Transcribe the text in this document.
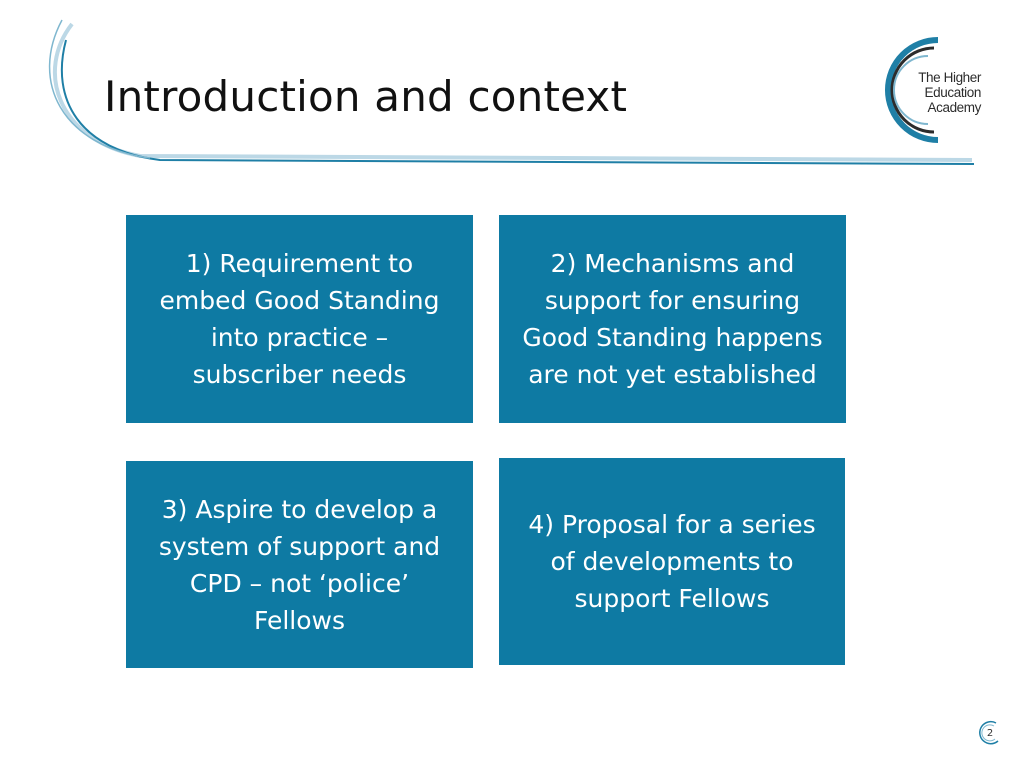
Introduction and context	The Higher
Education
Academy
1) Requirement to embed Good Standing into practice – subscriber needs
2) Mechanisms and support for ensuring Good Standing happens are not yet established
3) Aspire to develop a system of support and CPD – not ‘police’ Fellows
4) Proposal for a series of developments to support Fellows
2
